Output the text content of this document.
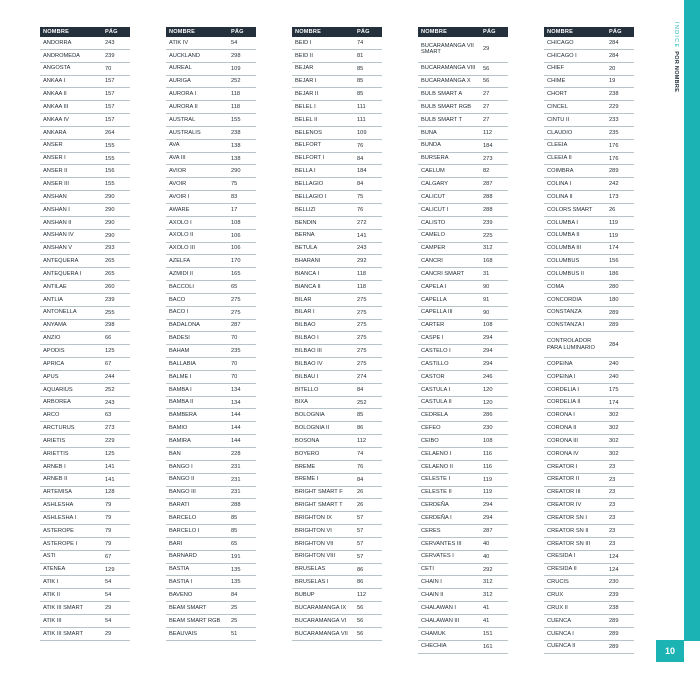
NOMBRE	PÁG
ANDORRA	243
ANDROMEDA	239
ANGOSTA	70
ANKAA I	157
ANKAA II	157
ANKAA III	157
ANKAA IV	157
ANKARA	264
ANSER	155
ANSER I	155
ANSER II	156
ANSER III	155
ANSHAN	290
ANSHAN I	290
ANSHAN II	290
ANSHAN IV	290
ANSHAN V	293
ANTEQUERA	265
ANTEQUERA I	265
ANTILAE	260
ANTLIA	239
ANTONELLA	255
ANYAMA	298
ANZIO	66
APODIS	125
APRICA	67
APUS	244
AQUARIUS	252
ARBOREA	243
ARCO	63
ARCTURUS	273
ARIETIS	229
ARIETTIS	125
ARNEB I	141
ARNEB II	141
ARTEMISA	128
ASHLESHA	79
ASHLESHA I	79
ASTEROPE	79
ASTEROPE I	79
ASTI	67
ATENEA	129
ATIK I	54
ATIK II	54
ATIK III SMART	29
ATIK III	54
ATIK III SMART	29
NOMBRE	PÁG
ATIK IV	54
AUCKLAND	298
AUREAL	109
AURIGA	252
AURORA I	118
AURORA II	118
AUSTRAL	155
AUSTRALIS	238
AVA	138
AVA III	138
AVIOR	290
AVOIR	75
AVOIR I	83
AWARE	17
AXOLO I	108
AXOLO II	106
AXOLO III	106
AZELFA	170
AZMIDI II	165
BACCOLI	65
BACO	275
BACO I	275
BADALONA	287
BADESI	70
BAHAM	235
BALLABIA	70
BALME I	70
BAMBA I	134
BAMBA II	134
BAMBERA	144
BAMIO	144
BAMIRA	144
BAN	228
BANGO I	231
BANGO II	231
BANGO III	231
BARATI	288
BARCELO	85
BARCELO I	85
BARI	65
BARNARD	191
BASTIA	135
BASTIA I	135
BAVENO	84
BEAM SMART	25
BEAM SMART RGB	25
BEAUVAIS	51
NOMBRE	PÁG
BEID I	74
BEID II	81
BEJAR	85
BEJAR I	85
BEJAR II	85
BELEL I	111
BELEL II	111
BELENOS	109
BELFORT	76
BELFORT I	84
BELLA I	184
BELLAGIO	84
BELLAGIO I	75
BELLIZI	76
BENDIN	272
BERNA	141
BETULA	243
BHARANI	292
BIANCA I	118
BIANCA II	118
BILAR	275
BILAR I	275
BILBAO	275
BILBAO I	275
BILBAO III	275
BILBAO IV	275
BILBAU I	274
BITELLO	84
BIXA	252
BOLOGNIA	85
BOLOGNIA II	86
BOSONA	112
BOYERO	74
BREME	76
BREME I	84
BRIGHT SMART F	26
BRIGHT SMART T	26
BRIGHTON IX	57
BRIGHTON VI	57
BRIGHTON VII	57
BRIGHTON VIII	57
BRUSELAS	86
BRUSELAS I	86
BUBUP	112
BUCARAMANGA IX	56
BUCARAMANGA VI	56
BUCARAMANGA VII	56
NOMBRE	PÁG
BUCARAMANGA VII SMART	29
BUCARAMANGA VIII	56
BUCARAMANGA X	56
BULB SMART A	27
BULB SMART RGB	27
BULB SMART T	27
BUNA	112
BUNDA	184
BURSERA	273
CAELUM	82
CALGARY	287
CALICUT	288
CALICUT I	288
CALISTO	239
CAMELO	225
CAMPER	312
CANCRI	168
CANCRI SMART	31
CAPELA I	90
CAPELLA	91
CAPELLA III	90
CARTER	108
CASPE I	294
CASTELO I	294
CASTILLO	294
CASTOR	246
CASTULA I	120
CASTULA II	120
CEDRELA	286
CEFEO	230
CEIBO	108
CELAENO I	116
CELAENO II	116
CELESTE I	119
CELESTE II	119
CERDEÑA	294
CERDEÑA I	294
CERES	287
CERVANTES III	40
CERVATES I	40
CETI	292
CHAIN I	312
CHAIN II	312
CHALAWAN I	41
CHALAWAN III	41
CHAMUK	151
CHECHIA	161
NOMBRE	PÁG
CHICAGO	284
CHICAGO I	284
CHIEF	20
CHIME	19
CHORT	238
CINCEL	229
CINTU II	233
CLAUDIO	235
CLEEIA	176
CLEEIA II	176
COIMBRA	289
COLINA I	242
COLINA II	173
COLORS SMART	26
COLUMBA I	119
COLUMBA II	119
COLUMBA III	174
COLUMBUS	156
COLUMBUS II	186
COMA	280
CONCORDIA	180
CONSTANZA	289
CONSTANZA I	289
CONTROLADOR PARA LUMINARIO	284
COPEINA	240
COPEINA I	240
CORDELIA I	175
CORDELIA II	174
CORONA I	302
CORONA II	302
CORONA III	302
CORONA IV	302
CREATOR I	23
CREATOR II	23
CREATOR III	23
CREATOR IV	23
CREATOR SN I	23
CREATOR SN II	23
CREATOR SN III	23
CRESIDA I	124
CRESIDA II	124
CRUCIS	230
CRUX	239
CRUX II	238
CUENCA	289
CUENCA I	289
CUENCA II	289
ÍNDICE POR NOMBRE
10
